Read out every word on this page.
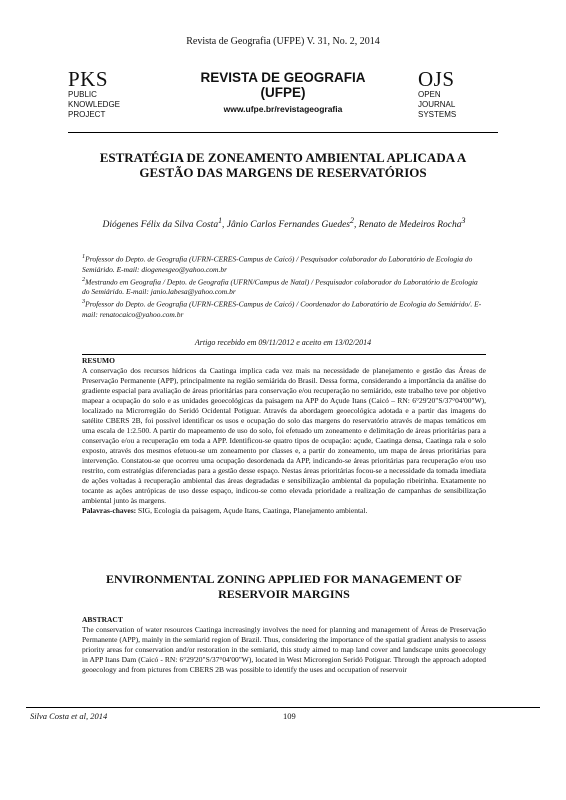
Revista de Geografia (UFPE) V. 31, No. 2, 2014
PKS
PUBLIC
KNOWLEDGE
PROJECT
REVISTA DE GEOGRAFIA
(UFPE)
www.ufpe.br/revistageografia
OJS
OPEN
JOURNAL
SYSTEMS
ESTRATÉGIA DE ZONEAMENTO AMBIENTAL APLICADA A GESTÃO DAS MARGENS DE RESERVATÓRIOS
Diógenes Félix da Silva Costa$^1$, Jânio Carlos Fernandes Guedes$^2$, Renato de Medeiros Rocha$^3$

$^1$Professor do Depto. de Geografia (UFRN-CERES-Campus de Caicó) / Pesquisador colaborador do Laboratório de Ecologia do Semiárido. E-mail: diogenesgeo@yahoo.com.br

$^2$Mestrando em Geografia / Depto. de Geografia (UFRN/Campus de Natal) / Pesquisador colaborador do Laboratório de Ecologia do Semiárido. E-mail: janio.labesa@yahoo.com.br

$^3$Professor do Depto. de Geografia (UFRN-CERES-Campus de Caicó) / Coordenador do Laboratório de Ecologia do Semiárido/. E-mail: renatocaico@yahoo.com.br

Artigo recebido em 09/11/2012 e aceito em 13/02/2014
RESUMO
A conservação dos recursos hídricos da Caatinga implica cada vez mais na necessidade de planejamento e gestão das Áreas de Preservação Permanente (APP), principalmente na região semiárida do Brasil. Dessa forma, considerando a importância da análise do gradiente espacial para avaliação de áreas prioritárias para conservação e/ou recuperação no semiárido, este trabalho teve por objetivo mapear a ocupação do solo e as unidades geoecológicas da paisagem na APP do Açude Itans (Caicó – RN: 6°29'20"S/37°04'00"W), localizado na Microrregião do Seridó Ocidental Potiguar. Através da abordagem geoecológica adotada e a partir das imagens do satélite CBERS 2B, foi possível identificar os usos e ocupação do solo das margens do reservatório através de mapas temáticos em uma escala de 1:2.500. A partir do mapeamento de uso do solo, foi efetuado um zoneamento e delimitação de áreas prioritárias para a conservação e/ou a recuperação em toda a APP. Identificou-se quatro tipos de ocupação: açude, Caatinga densa, Caatinga rala e solo exposto, através dos mesmos efetuou-se um zoneamento por classes e, a partir do zoneamento, um mapa de áreas prioritárias para intervenção. Constatou-se que ocorreu uma ocupação desordenada da APP, indicando-se áreas prioritárias para recuperação e/ou uso restrito, com estratégias diferenciadas para a gestão desse espaço. Nestas áreas prioritárias focou-se a necessidade da tomada imediata de ações voltadas à recuperação ambiental das áreas degradadas e sensibilização ambiental da população ribeirinha. Exatamente no tocante as ações antrópicas de uso desse espaço, indicou-se como elevada prioridade a realização de campanhas de sensibilização ambiental junto às margens.
Palavras-chaves: SIG, Ecologia da paisagem, Açude Itans, Caatinga, Planejamento ambiental.
ENVIRONMENTAL ZONING APPLIED FOR MANAGEMENT OF RESERVOIR MARGINS
ABSTRACT
The conservation of water resources Caatinga increasingly involves the need for planning and management of Áreas de Preservação Permanente (APP), mainly in the semiarid region of Brazil. Thus, considering the importance of the spatial gradient analysis to assess priority areas for conservation and/or restoration in the semiarid, this study aimed to map land cover and landscape units geoecology in APP Itans Dam (Caicó - RN: 6°29'20"S/37°04'00"W), located in West Microregion Seridó Potiguar. Through the approach adopted geoecology and from pictures from CBERS 2B was possible to identify the uses and occupation of reservoir
Silva Costa et al, 2014	109
